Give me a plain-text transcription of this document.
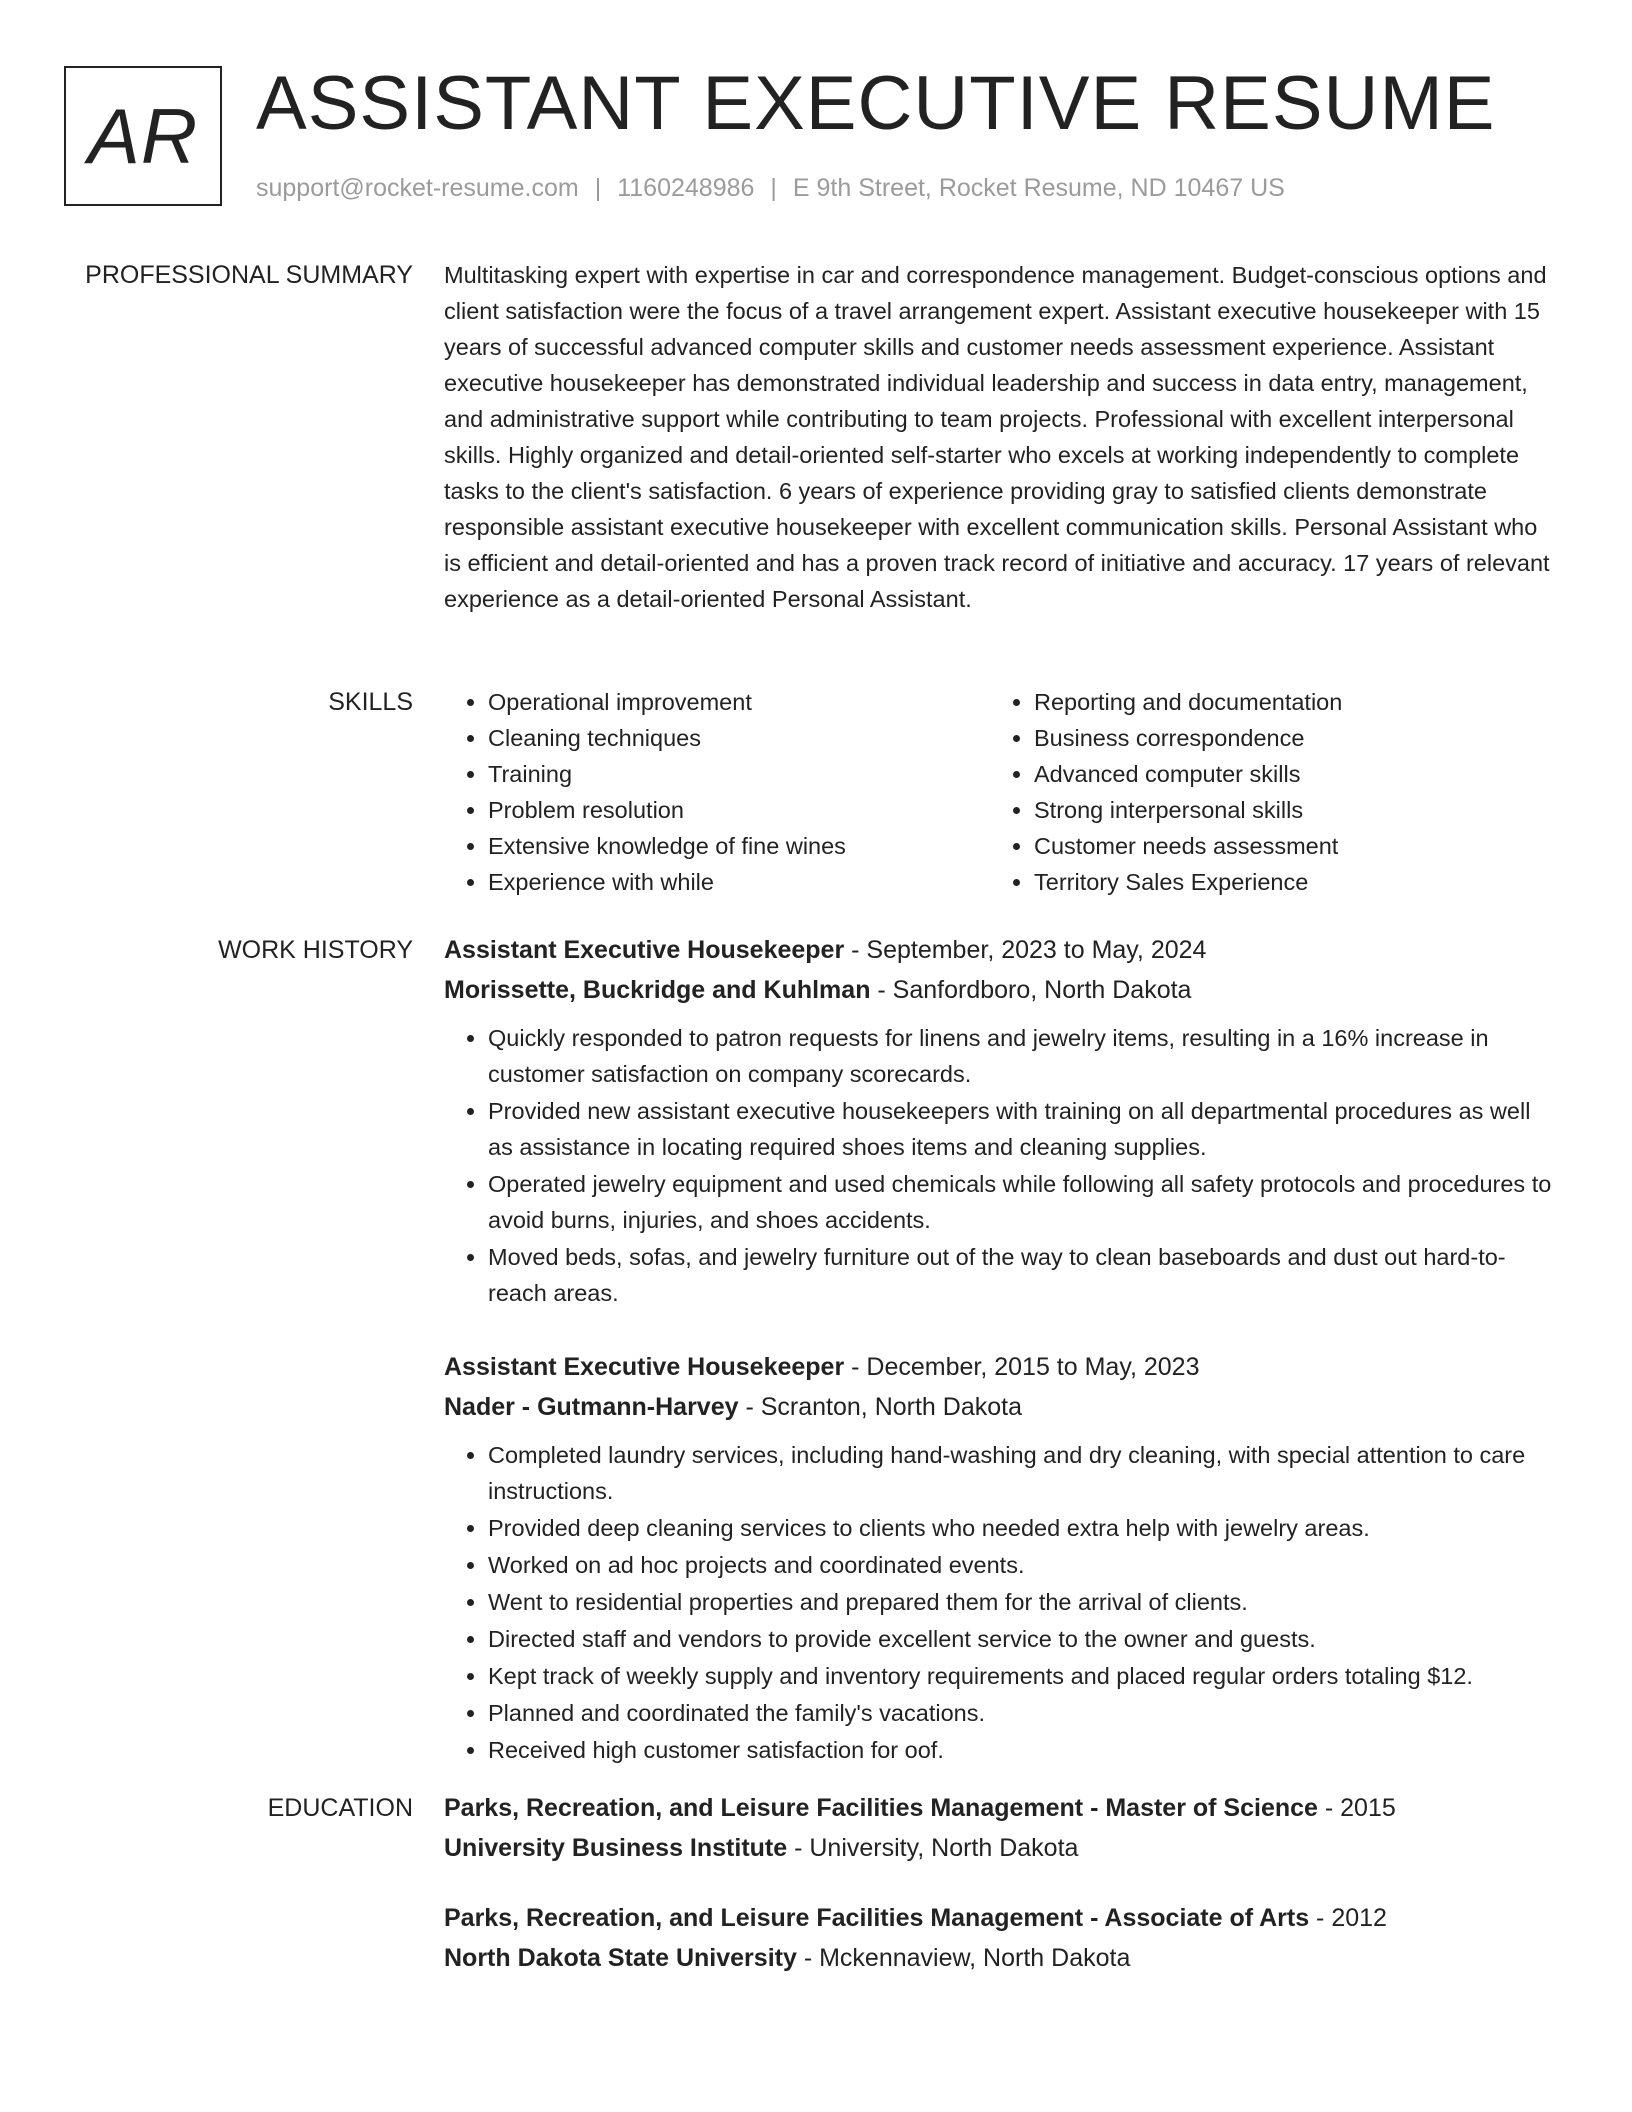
AR ASSISTANT EXECUTIVE RESUME
support@rocket-resume.com | 1160248986 | E 9th Street, Rocket Resume, ND 10467 US
PROFESSIONAL SUMMARY Multitasking expert with expertise in car and correspondence management. Budget-conscious options and client satisfaction were the focus of a travel arrangement expert. Assistant executive housekeeper with 15 years of successful advanced computer skills and customer needs assessment experience. Assistant executive housekeeper has demonstrated individual leadership and success in data entry, management, and administrative support while contributing to team projects. Professional with excellent interpersonal skills. Highly organized and detail-oriented self-starter who excels at working independently to complete tasks to the client's satisfaction. 6 years of experience providing gray to satisfied clients demonstrate responsible assistant executive housekeeper with excellent communication skills. Personal Assistant who is efficient and detail-oriented and has a proven track record of initiative and accuracy. 17 years of relevant experience as a detail-oriented Personal Assistant.

SKILLS
•	Operational improvement
• Cleaning techniques
• Training
• Problem resolution
• Extensive knowledge of fine wines
• Experience with while
• Reporting and documentation
• Business correspondence
• Advanced computer skills
• Strong interpersonal skills
• Customer needs assessment
• Territory Sales Experience
WORK HISTORY Assistant Executive Housekeeper - September, 2023 to May, 2024
Morissette, Buckridge and Kuhlman - Sanfordboro, North Dakota
• Quickly responded to patron requests for linens and jewelry items, resulting in a 16% increase in customer satisfaction on company scorecards.
• Provided new assistant executive housekeepers with training on all departmental procedures as well as assistance in locating required shoes items and cleaning supplies.
• Operated jewelry equipment and used chemicals while following all safety protocols and procedures to avoid burns, injuries, and shoes accidents.
• Moved beds, sofas, and jewelry furniture out of the way to clean baseboards and dust out hard-to-reach areas.
Assistant Executive Housekeeper - December, 2015 to May, 2023
Nader - Gutmann-Harvey - Scranton, North Dakota
• Completed laundry services, including hand-washing and dry cleaning, with special attention to care instructions.
• Provided deep cleaning services to clients who needed extra help with jewelry areas.
• Worked on ad hoc projects and coordinated events.
• Went to residential properties and prepared them for the arrival of clients.
• Directed staff and vendors to provide excellent service to the owner and guests.
• Kept track of weekly supply and inventory requirements and placed regular orders totaling $12.
• Planned and coordinated the family's vacations.
• Received high customer satisfaction for oof.
EDUCATION Parks, Recreation, and Leisure Facilities Management - Master of Science - 2015
University Business Institute - University, North Dakota
Parks, Recreation, and Leisure Facilities Management - Associate of Arts - 2012
North Dakota State University - Mckennaview, North Dakota
